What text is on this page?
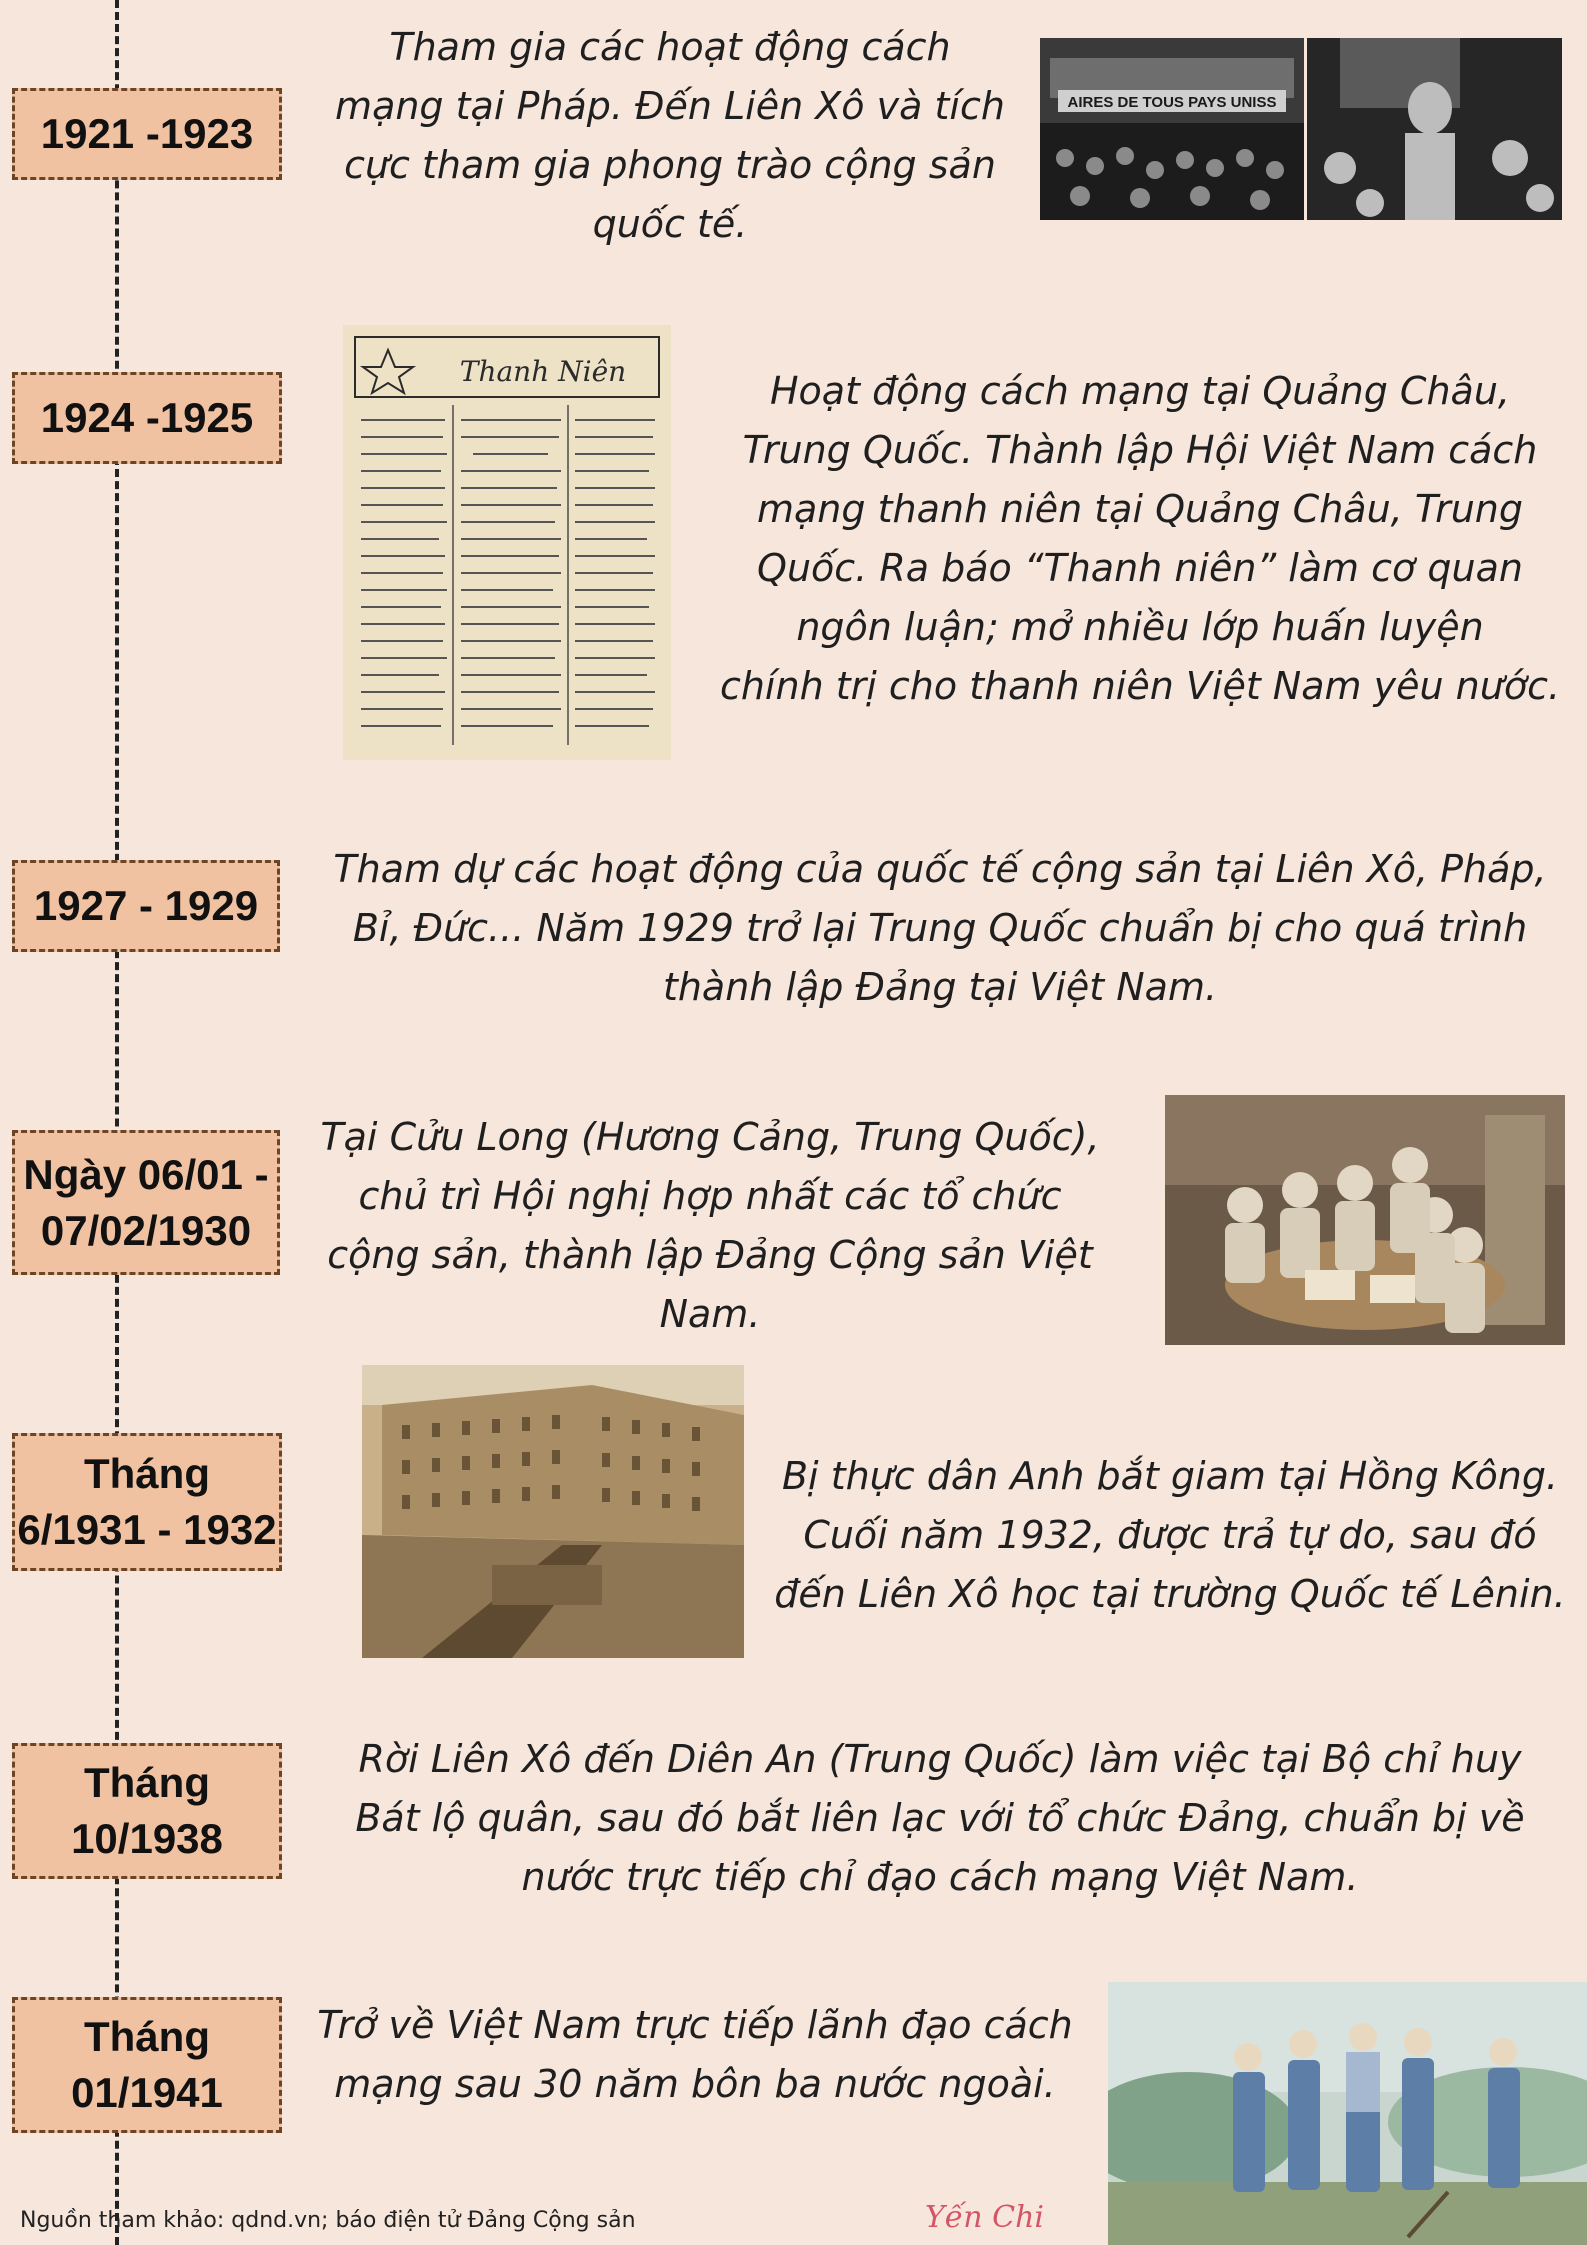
1921 -1923
Tham gia các hoạt động cách
mạng tại Pháp. Đến Liên Xô và tích
cực tham gia phong trào cộng sản
quốc tế.
AIRES DE TOUS PAYS UNISS
1924 -1925
Thanh Niên	Hoạt động cách mạng tại Quảng Châu,
Trung Quốc. Thành lập Hội Việt Nam cách
mạng thanh niên tại Quảng Châu, Trung
Quốc. Ra báo “Thanh niên” làm cơ quan
ngôn luận; mở nhiều lớp huấn luyện
chính trị cho thanh niên Việt Nam yêu nước.
1927 - 1929
Tham dự các hoạt động của quốc tế cộng sản tại Liên Xô, Pháp,
Bỉ, Đức... Năm 1929 trở lại Trung Quốc chuẩn bị cho quá trình
thành lập Đảng tại Việt Nam.
Ngày 06/01 -
07/02/1930
Tại Cửu Long (Hương Cảng, Trung Quốc),
chủ trì Hội nghị hợp nhất các tổ chức
cộng sản, thành lập Đảng Cộng sản Việt Nam.
Tháng
6/1931 - 1932
Bị thực dân Anh bắt giam tại Hồng Kông.
Cuối năm 1932, được trả tự do, sau đó
đến Liên Xô học tại trường Quốc tế Lênin.
Tháng
10/1938
Rời Liên Xô đến Diên An (Trung Quốc) làm việc tại Bộ chỉ huy
Bát lộ quân, sau đó bắt liên lạc với tổ chức Đảng, chuẩn bị về
nước trực tiếp chỉ đạo cách mạng Việt Nam.
Tháng
01/1941
Trở về Việt Nam trực tiếp lãnh đạo cách
mạng sau 30 năm bôn ba nước ngoài.
Nguồn tham khảo: qdnd.vn; báo điện tử Đảng Cộng sản	Yến Chi
